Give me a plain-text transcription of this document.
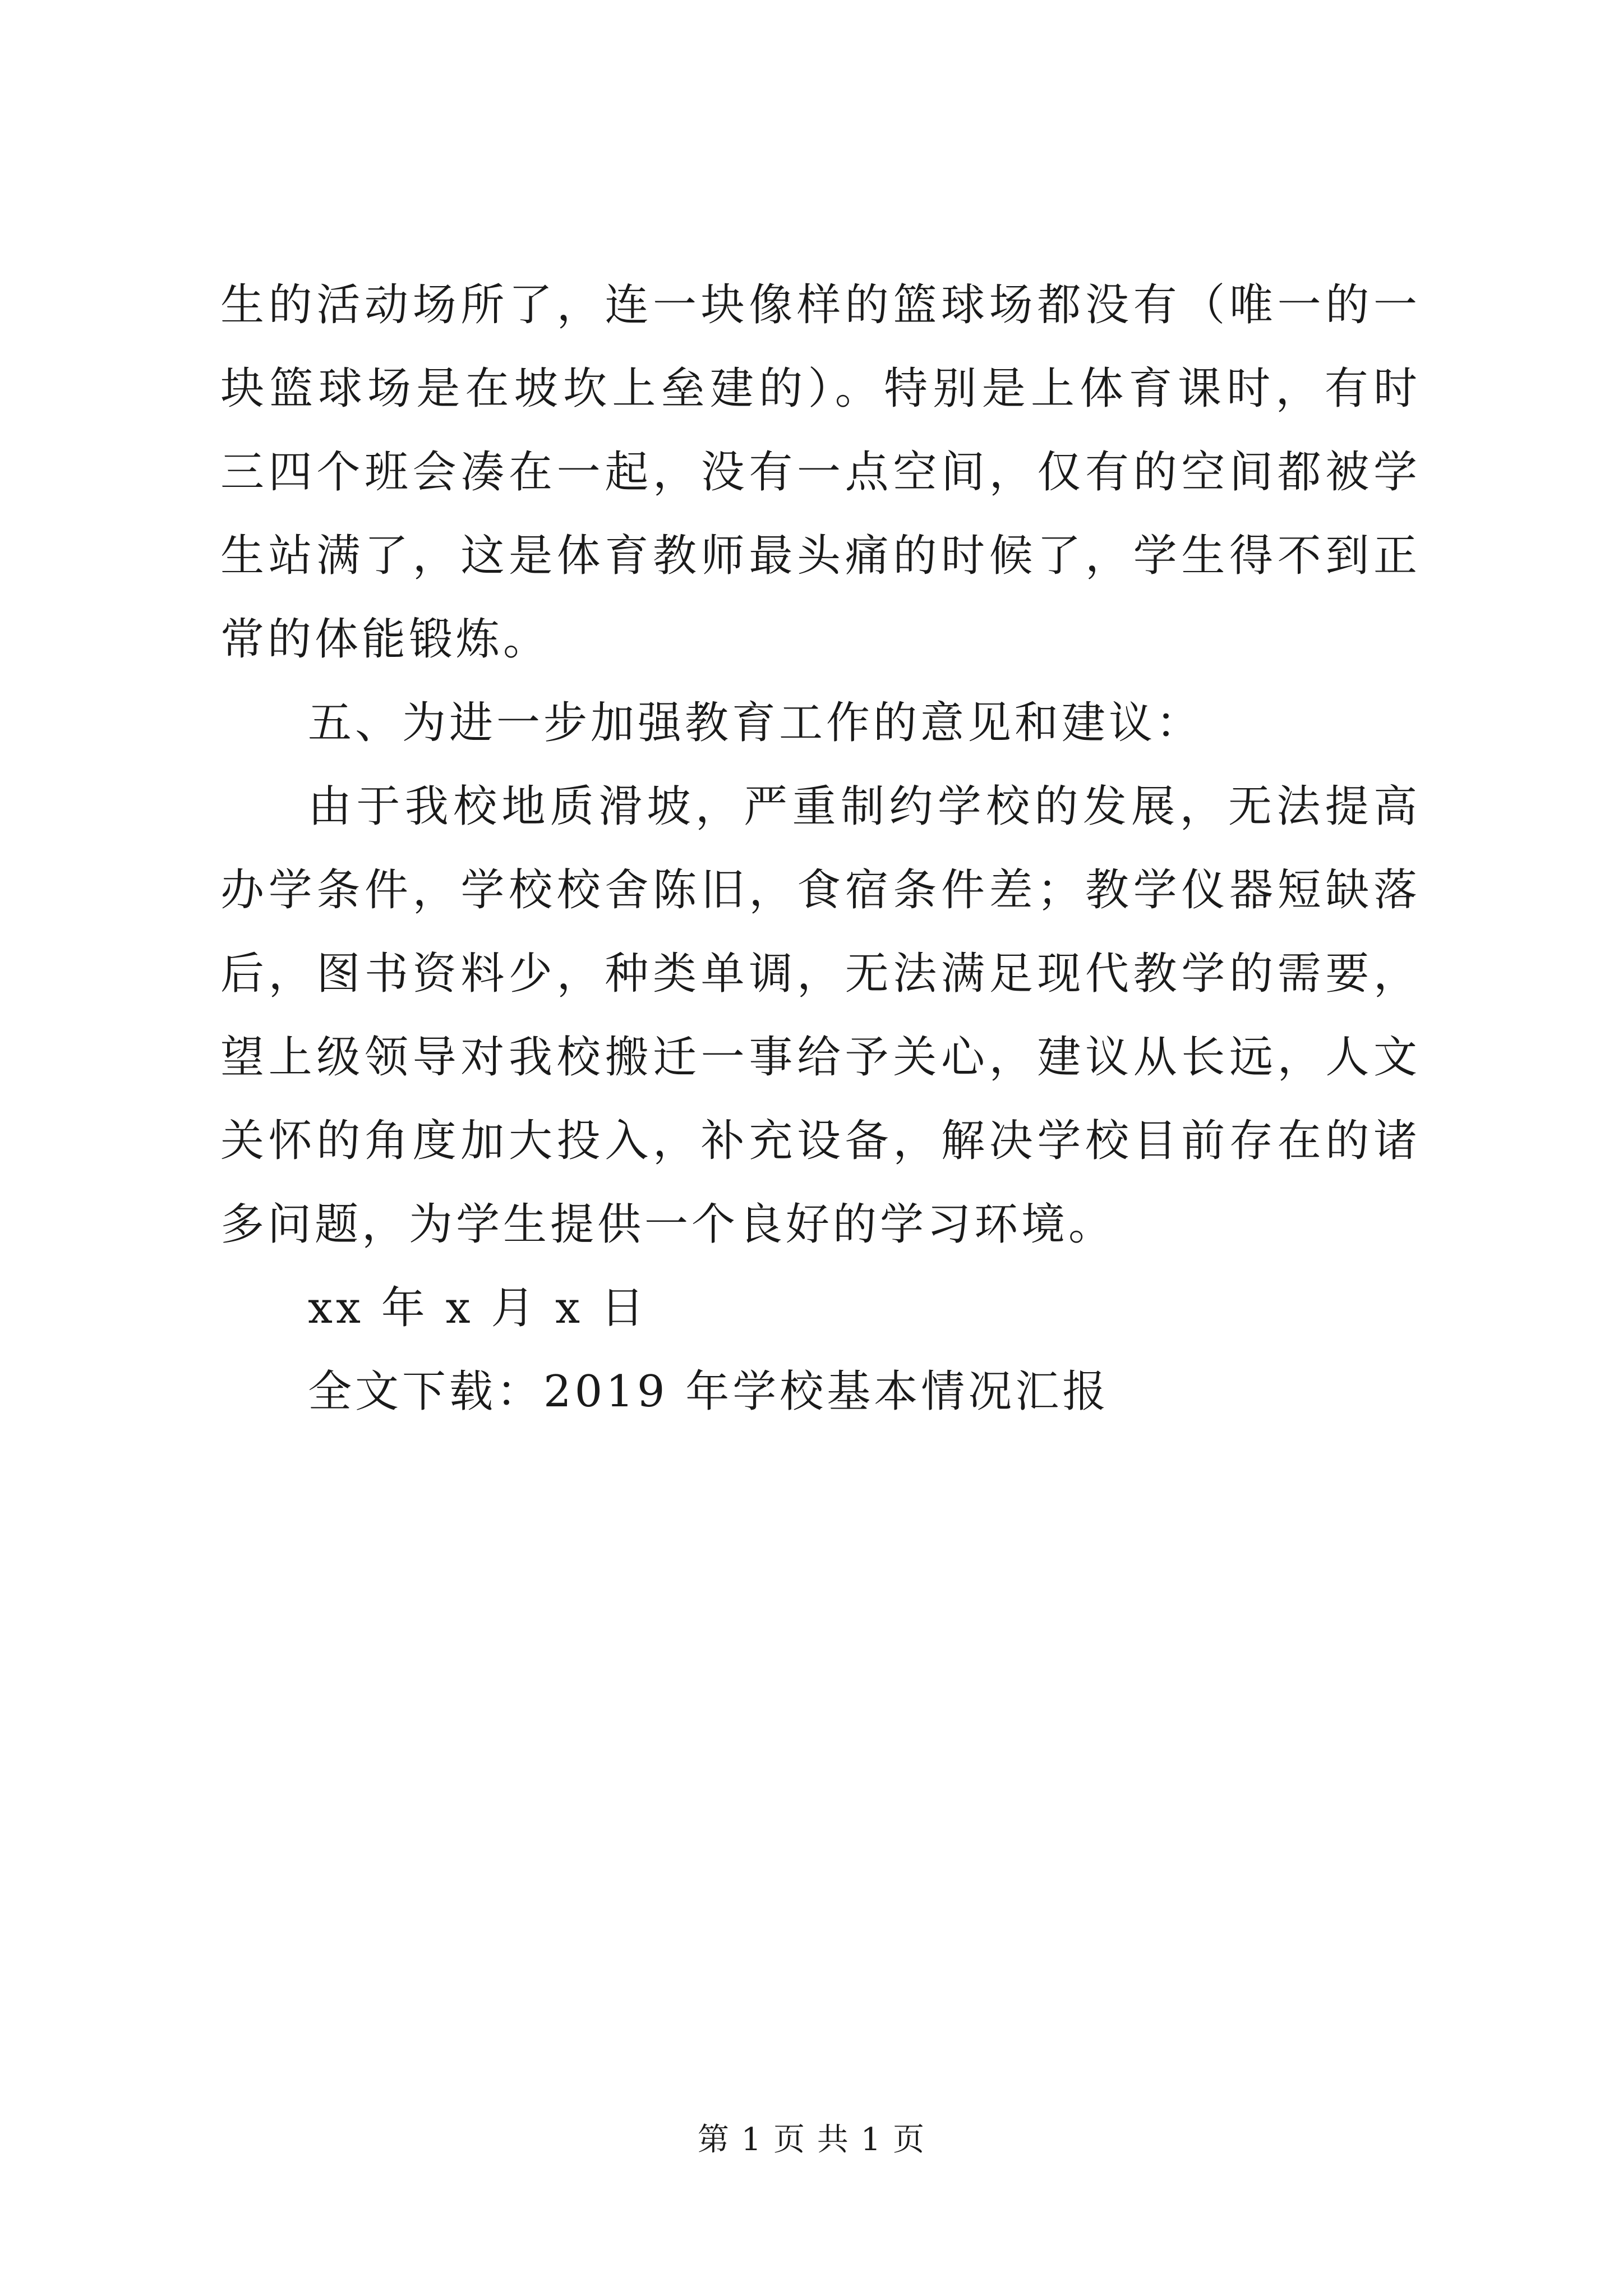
生的活动场所了，连一块像样的篮球场都没有（唯一的一块篮球场是在坡坎上垒建的）。特别是上体育课时，有时三四个班会凑在一起，没有一点空间，仅有的空间都被学生站满了，这是体育教师最头痛的时候了，学生得不到正常的体能锻炼。

五、为进一步加强教育工作的意见和建议：

由于我校地质滑坡，严重制约学校的发展，无法提高办学条件，学校校舍陈旧，食宿条件差；教学仪器短缺落后，图书资料少，种类单调，无法满足现代教学的需要，望上级领导对我校搬迁一事给予关心，建议从长远，人文关怀的角度加大投入，补充设备，解决学校目前存在的诸多问题，为学生提供一个良好的学习环境。

xx 年 x 月 x 日

全文下载：2019 年学校基本情况汇报

第 1 页 共 1 页
